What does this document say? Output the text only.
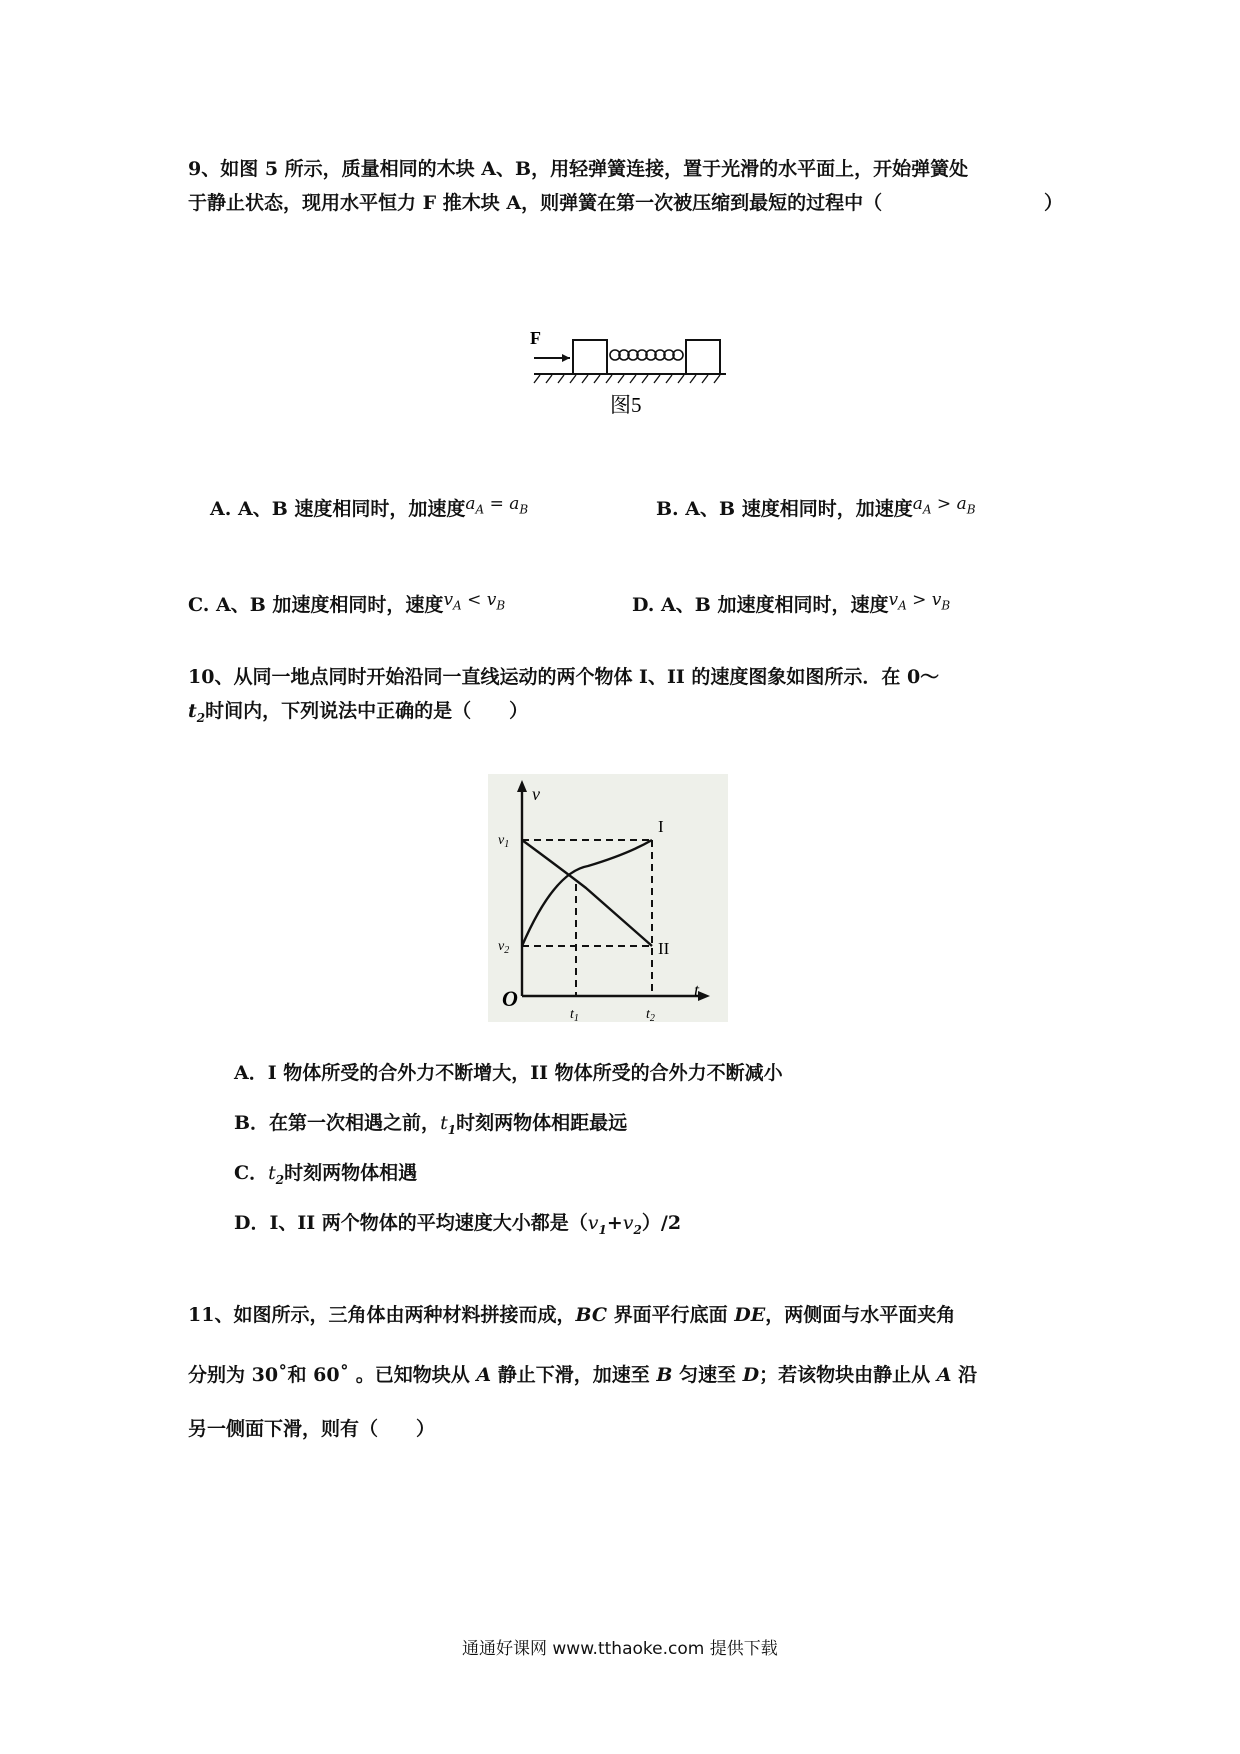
9、如图 5 所示，质量相同的木块 A、B，用轻弹簧连接，置于光滑的水平面上，开始弹簧处
于静止状态，现用水平恒力 F 推木块 A，则弹簧在第一次被压缩到最短的过程中（	）
F
图5
A. A、B 速度相同时，加速度$a_A = a_B$	B. A、B 速度相同时，加速度$a_A > a_B$
C. A、B 加速度相同时，速度$v_A < v_B$	D. A、B 加速度相同时，速度$v_A > v_B$
10、从同一地点同时开始沿同一直线运动的两个物体 I、II 的速度图象如图所示．在 0～
$t_2$时间内，下列说法中正确的是（　　）
v
t
O
$v_1$
$v_2$
$t_1$	$t_2$
I
II
A．I 物体所受的合外力不断增大，II 物体所受的合外力不断减小
B．在第一次相遇之前，$t_1$时刻两物体相距最远
C．$t_2$时刻两物体相遇
D．I、II 两个物体的平均速度大小都是$(v_1+v_2)/2$
11、如图所示，三角体由两种材料拼接而成，BC 界面平行底面 DE，两侧面与水平面夹角
分别为 30˚和 60˚ 。已知物块从 A 静止下滑，加速至 B 匀速至 D；若该物块由静止从 A 沿
另一侧面下滑，则有（　　）
通通好课网 www.tthaoke.com 提供下载
